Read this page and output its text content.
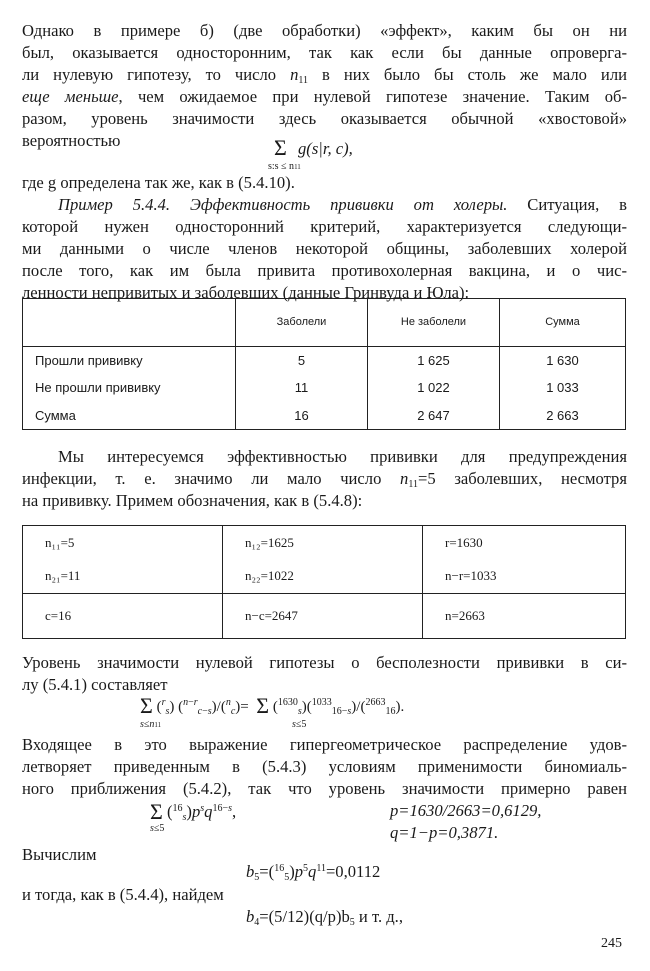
Однако в примере б) (две обработки) «эффект», каким бы он ни
был, оказывается односторонним, так как если бы данные опроверга-
ли нулевую гипотезу, то число $n_{11}$ в них было бы столь же мало или
еще меньше, чем ожидаемое при нулевой гипотезе значение. Таким об-
разом, уровень значимости здесь оказывается обычной «хвостовой»
вероятностью	Σ
s:s ≤ n11
g(s|r, c),
где g определена так же, как в (5.4.10).
Пример 5.4.4. Эффективность прививки от холеры. Ситуация, в
которой нужен односторонний критерий, характеризуется следующи-
ми данными о числе членов некоторой общины, заболевших холерой
после того, как им была привита противохолерная вакцина, и о чис-
ленности непривитых и заболевших (данные Гринвуда и Юла):
	Заболели	Не заболели	Сумма
Прошли прививку	5	1 625	1 630
Не прошли прививку	11	1 022	1 033
Сумма	16	2 647	2 663
Мы интересуемся эффективностью прививки для предупреждения
инфекции, т. е. значимо ли мало число $n_{11}=5$ заболевших, несмотря
на прививку. Примем обозначения, как в (5.4.8):
n₁₁=5	n₁₂=1625	r=1630
n₂₁=11	n₂₂=1022	n−r=1033
c=16	n−c=2647	n=2663
Уровень значимости нулевой гипотезы о бесполезности прививки в си-
лу (5.4.1) составляет
Σ ($^r_s$) ($^{n-r}_{c-s}$)/($^n_c$)=  Σ ($^{1630}_s$)($^{1033}_{16-s}$)/($^{2663}_{16}$).
s≤n11	s≤5
Входящее в это выражение гипергеометрическое распределение удов-
летворяет приведенным в (5.4.3) условиям применимости биномиаль-
ного приближения (5.4.2), так что уровень значимости примерно равен
Σ $(^{16}_s)p^sq^{16-s}$,
s≤5
p=1630/2663=0,6129,
q=1−p=0,3871.
Вычислим
$b_5=(^{16}_5)p^5q^{11}=0,0112$
и тогда, как в (5.4.4), найдем
$b_4=(5/12)(q/p)b_5$ и т. д.,
245
